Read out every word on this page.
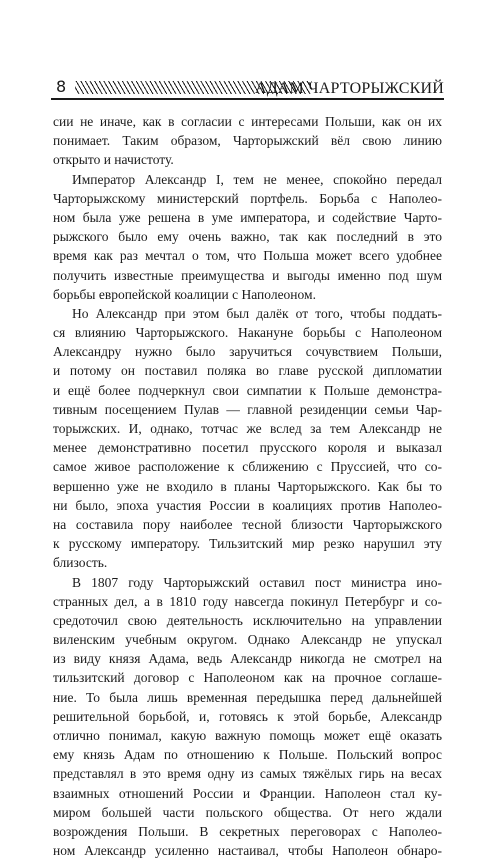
8	АДАМ ЧАРТОРЫЖСКИЙ
сии не иначе, как в согласии с интересами Польши, как он их
понимает. Таким образом, Чарторыжский вёл свою линию
открыто и начистоту.
Император Александр I, тем не менее, спокойно передал
Чарторыжскому министерский портфель. Борьба с Наполео-
ном была уже решена в уме императора, и содействие Чарто-
рыжского было ему очень важно, так как последний в это
время как раз мечтал о том, что Польша может всего удобнее
получить известные преимущества и выгоды именно под шум
борьбы европейской коалиции с Наполеоном.
Но Александр при этом был далёк от того, чтобы поддать-
ся влиянию Чарторыжского. Накануне борьбы с Наполеоном
Александру нужно было заручиться сочувствием Польши,
и потому он поставил поляка во главе русской дипломатии
и ещё более подчеркнул свои симпатии к Польше демонстра-
тивным посещением Пулав — главной резиденции семьи Чар-
торыжских. И, однако, тотчас же вслед за тем Александр не
менее демонстративно посетил прусского короля и выказал
самое живое расположение к сближению с Пруссией, что со-
вершенно уже не входило в планы Чарторыжского. Как бы то
ни было, эпоха участия России в коалициях против Наполео-
на составила пору наиболее тесной близости Чарторыжского
к русскому императору. Тильзитский мир резко нарушил эту
близость.
В 1807 году Чарторыжский оставил пост министра ино-
странных дел, а в 1810 году навсегда покинул Петербург и со-
средоточил свою деятельность исключительно на управлении
виленским учебным округом. Однако Александр не упускал
из виду князя Адама, ведь Александр никогда не смотрел на
тильзитский договор с Наполеоном как на прочное соглаше-
ние. То была лишь временная передышка перед дальнейшей
решительной борьбой, и, готовясь к этой борьбе, Александр
отлично понимал, какую важную помощь может ещё оказать
ему князь Адам по отношению к Польше. Польский вопрос
представлял в это время одну из самых тяжёлых гирь на весах
взаимных отношений России и Франции. Наполеон стал ку-
миром большей части польского общества. От него ждали
возрождения Польши. В секретных переговорах с Наполео-
ном Александр усиленно настаивал, чтобы Наполеон обнаро-
